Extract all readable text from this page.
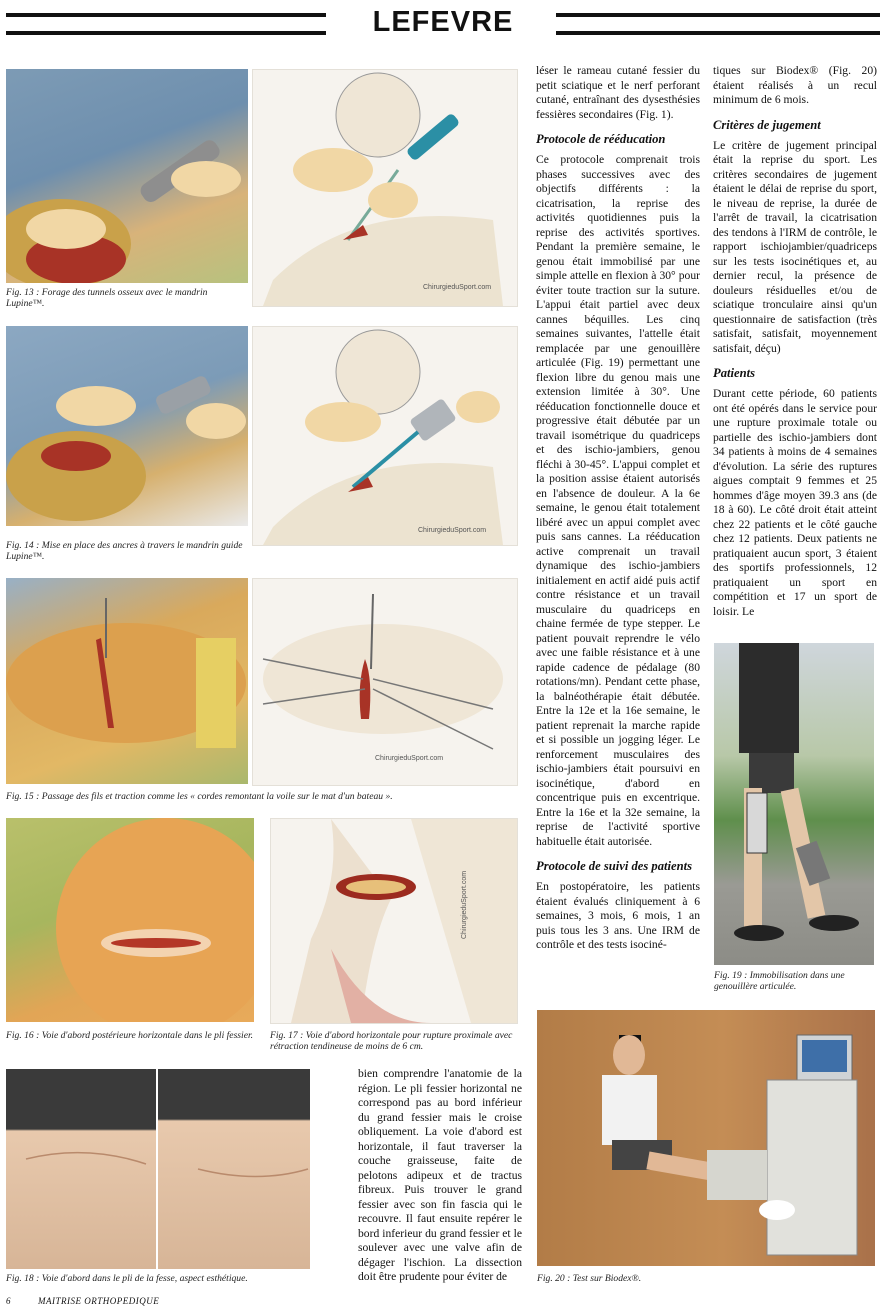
LEFEVRE
ChirurgieduSport.com
Fig. 13 : Forage des tunnels osseux avec le mandrin Lupine™.
ChirurgieduSport.com
Fig. 14 : Mise en place des ancres à travers le mandrin guide Lupine™.
ChirurgieduSport.com
Fig. 15 : Passage des fils et traction comme les « cordes remontant la voile sur le mat d'un bateau ».
ChirurgieduSport.com
Fig. 16 : Voie d'abord postérieure horizontale dans le pli fessier.	Fig. 17 : Voie d'abord horizontale pour rupture proximale avec rétraction tendineuse de moins de 6 cm.
Fig. 18 : Voie d'abord dans le pli de la fesse, aspect esthétique.

bien comprendre l'anatomie de la région. Le pli fessier horizontal ne correspond pas au bord inférieur du grand fessier mais le croise obliquement. La voie d'abord est horizontale, il faut traverser la couche graisseuse, faite de pelotons adipeux et de tractus fibreux. Puis trouver le grand fessier avec son fin fascia qui le recouvre. Il faut ensuite repérer le bord inferieur du grand fessier et le soulever avec une valve afin de dégager l'ischion. La dissection doit être prudente pour éviter de

léser le rameau cutané fessier du petit sciatique et le nerf perforant cutané, entraînant des dysesthésies fessières secondaires (Fig. 1).

Protocole de rééducation

Ce protocole comprenait trois phases successives avec des objectifs différents : la cicatrisation, la reprise des activités quotidiennes puis la reprise des activités sportives. Pendant la première semaine, le genou était immobilisé par une simple attelle en flexion à 30° pour éviter toute traction sur la suture. L'appui était partiel avec deux cannes béquilles. Les cinq semaines suivantes, l'attelle était remplacée par une genouillère articulée (Fig. 19) permettant une flexion libre du genou mais une extension limitée à 30°. Une rééducation fonctionnelle douce et progressive était débutée par un travail isométrique du quadriceps et des ischio-jambiers, genou fléchi à 30-45°. L'appui complet et la position assise étaient autorisés en l'absence de douleur. A la 6e semaine, le genou était totalement libéré avec un appui complet avec puis sans cannes. La rééducation active comprenait un travail dynamique des ischio-jambiers initialement en actif aidé puis actif contre résistance et un travail musculaire du quadriceps en chaine fermée de type stepper. Le patient pouvait reprendre le vélo avec une faible résistance et à une rapide cadence de pédalage (80 rotations/mn). Pendant cette phase, la balnéothérapie était débutée. Entre la 12e et la 16e semaine, le patient reprenait la marche rapide et si possible un jogging léger. Le renforcement musculaires des ischio-jambiers était poursuivi en isocinétique, d'abord en concentrique puis en excentrique. Entre la 16e et la 32e semaine, la reprise de l'activité sportive habituelle était autorisée.

Protocole de suivi des patients

En postopératoire, les patients étaient évalués cliniquement à 6 semaines, 3 mois, 6 mois, 1 an puis tous les 3 ans. Une IRM de contrôle et des tests isociné-

tiques sur Biodex® (Fig. 20) étaient réalisés à un recul minimum de 6 mois.

Critères de jugement

Le critère de jugement principal était la reprise du sport. Les critères secondaires de jugement étaient le délai de reprise du sport, le niveau de reprise, la durée de l'arrêt de travail, la cicatrisation des tendons à l'IRM de contrôle, le rapport ischiojambier/quadriceps sur les tests isocinétiques et, au dernier recul, la présence de douleurs résiduelles et/ou de sciatique tronculaire ainsi qu'un questionnaire de satisfaction (très satisfait, satisfait, moyennement satisfait, déçu)

Patients

Durant cette période, 60 patients ont été opérés dans le service pour une rupture proximale totale ou partielle des ischio-jambiers dont 34 patients à moins de 4 semaines d'évolution. La série des ruptures aigues comptait 9 femmes et 25 hommes d'âge moyen 39.3 ans (de 18 à 60). Le côté droit était atteint chez 22 patients et le côté gauche chez 12 patients. Deux patients ne pratiquaient aucun sport, 3 étaient des sportifs professionnels, 12 pratiquaient un sport en compétition et 17 un sport de loisir. Le

Fig. 19 : Immobilisation dans une genouillère articulée.
Fig. 20 : Test sur Biodex®.
6	MAITRISE ORTHOPEDIQUE
